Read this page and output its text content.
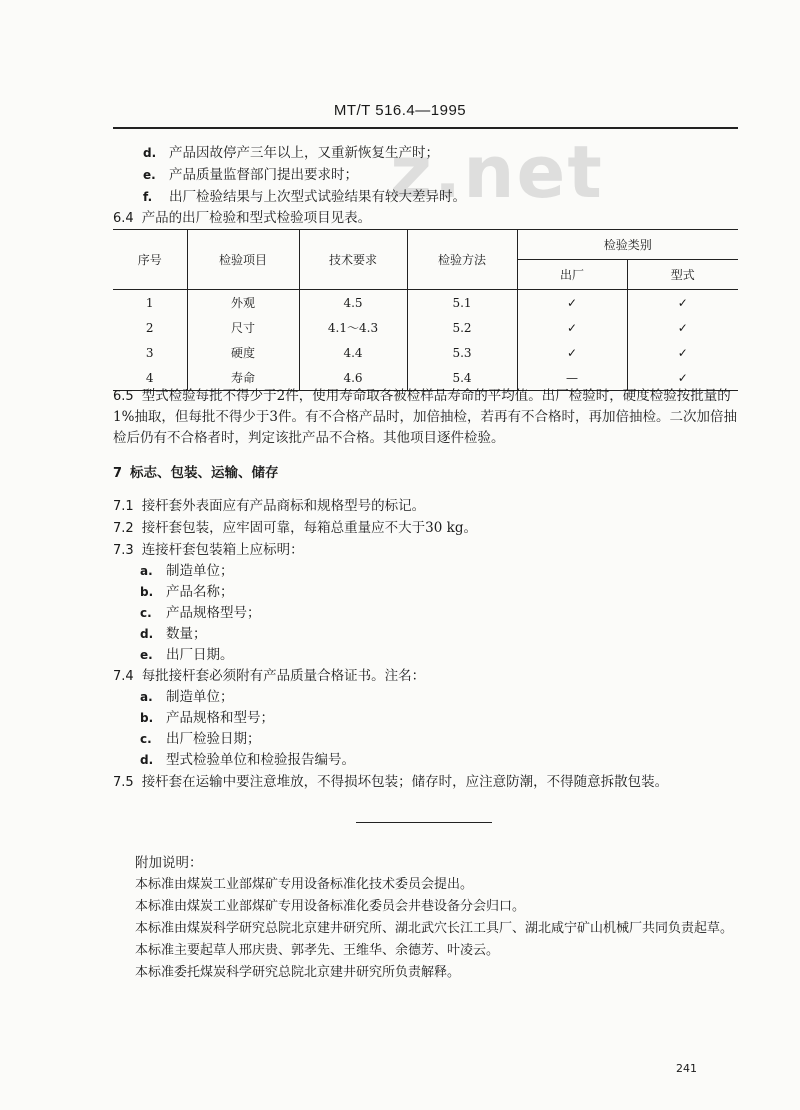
MT/T 516.4—1995
z.net
d. 产品因故停产三年以上，又重新恢复生产时；
e. 产品质量监督部门提出要求时；
f. 出厂检验结果与上次型式试验结果有较大差异时。
6.4 产品的出厂检验和型式检验项目见表。
序号	检验项目	技术要求	检验方法	检验类别	
				出厂	型式
1	外观	4.5	5.1	✓	✓
2	尺寸	4.1～4.3	5.2	✓	✓
3	硬度	4.4	5.3	✓	✓
4	寿命	4.6	5.4	—	✓
6.5 型式检验每批不得少于2件，使用寿命取各被检样品寿命的平均值。出厂检验时，硬度检验按批量的1%抽取，但每批不得少于3件。有不合格产品时，加倍抽检，若再有不合格时，再加倍抽检。二次加倍抽检后仍有不合格者时，判定该批产品不合格。其他项目逐件检验。
7 标志、包装、运输、储存
7.1 接杆套外表面应有产品商标和规格型号的标记。
7.2 接杆套包装，应牢固可靠，每箱总重量应不大于30 kg。
7.3 连接杆套包装箱上应标明：
a. 制造单位；
b. 产品名称；
c. 产品规格型号；
d. 数量；
e. 出厂日期。
7.4 每批接杆套必须附有产品质量合格证书。注名：
a. 制造单位；
b. 产品规格和型号；
c. 出厂检验日期；
d. 型式检验单位和检验报告编号。
7.5 接杆套在运输中要注意堆放，不得损坏包装；储存时，应注意防潮，不得随意拆散包装。
附加说明：
本标准由煤炭工业部煤矿专用设备标准化技术委员会提出。
本标准由煤炭工业部煤矿专用设备标准化委员会井巷设备分会归口。
本标准由煤炭科学研究总院北京建井研究所、湖北武穴长江工具厂、湖北咸宁矿山机械厂共同负责起草。
本标准主要起草人邢庆贵、郭孝先、王维华、余德芳、叶凌云。
本标准委托煤炭科学研究总院北京建井研究所负责解释。
241
